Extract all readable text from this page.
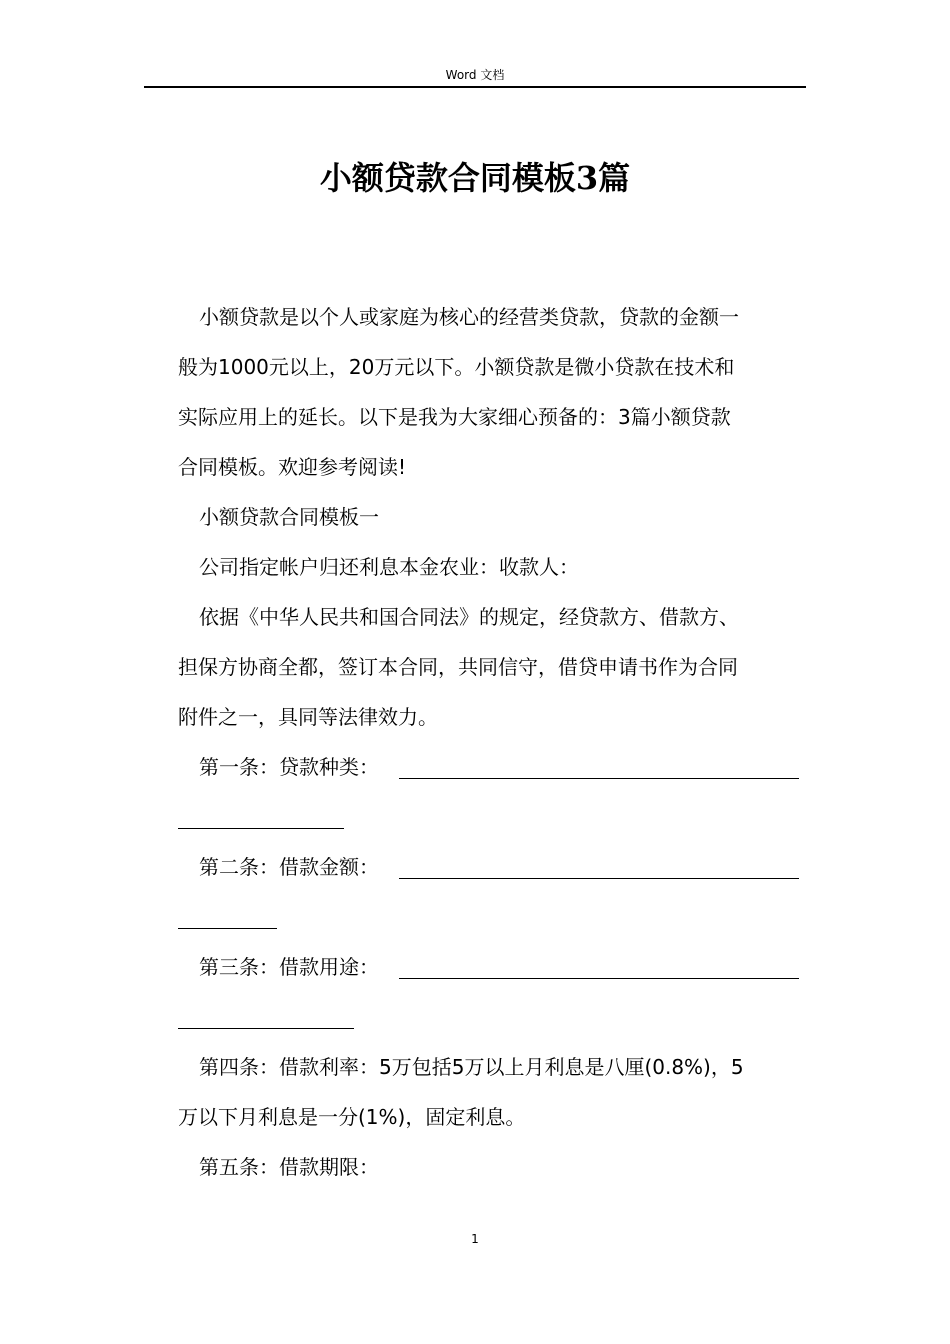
Word 文档
小额贷款合同模板3篇

小额贷款是以个人或家庭为核心的经营类贷款，贷款的金额一

般为1000元以上，20万元以下。小额贷款是微小贷款在技术和

实际应用上的延长。以下是我为大家细心预备的：3篇小额贷款

合同模板。欢迎参考阅读!

小额贷款合同模板一

公司指定帐户归还利息本金农业：收款人：

依据《中华人民共和国合同法》的规定，经贷款方、借款方、

担保方协商全都，签订本合同，共同信守，借贷申请书作为合同

附件之一，具同等法律效力。

第一条：贷款种类：
第二条：借款金额：
第三条：借款用途：

第四条：借款利率：5万包括5万以上月利息是八厘(0.8%)，5

万以下月利息是一分(1%)，固定利息。

第五条：借款期限：

1
